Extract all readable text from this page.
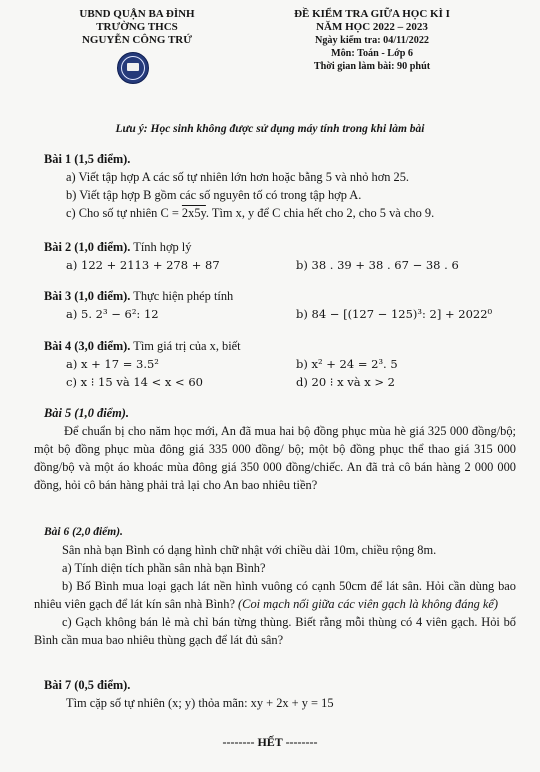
UBND QUẬN BA ĐÌNH
TRƯỜNG THCS
NGUYỄN CÔNG TRỨ
ĐỀ KIỂM TRA GIỮA HỌC KÌ I
NĂM HỌC 2022 – 2023
Ngày kiểm tra: 04/11/2022
Môn: Toán - Lớp 6
Thời gian làm bài: 90 phút
Lưu ý: Học sinh không được sử dụng máy tính trong khi làm bài
Bài 1 (1,5 điểm).
a) Viết tập hợp A các số tự nhiên lớn hơn hoặc bằng 5 và nhỏ hơn 25.
b) Viết tập hợp B gồm các số nguyên tố có trong tập hợp A.
c) Cho số tự nhiên C = 2x5y. Tìm x, y để C chia hết cho 2, cho 5 và cho 9.
Bài 2 (1,0 điểm). Tính hợp lý
a) 122 + 2113 + 278 + 87	b) 38 . 39 + 38 . 67 − 38 . 6
Bài 3 (1,0 điểm). Thực hiện phép tính
a) 5. 2³ − 6²: 12	b) 84 − [(127 − 125)³: 2] + 2022⁰
Bài 4 (3,0 điểm). Tìm giá trị của x, biết
a) x + 17 = 3.5²	b) x² + 24 = 2³. 5
c) x ⁝ 15 và 14 < x < 60	d) 20 ⁝ x và x > 2
Bài 5 (1,0 điểm).
Để chuẩn bị cho năm học mới, An đã mua hai bộ đồng phục mùa hè giá 325 000 đồng/bộ; một bộ đồng phục mùa đông giá 335 000 đồng/ bộ; một bộ đồng phục thể thao giá 315 000 đồng/bộ và một áo khoác mùa đông giá 350 000 đồng/chiếc. An đã trả cô bán hàng 2 000 000 đồng, hỏi cô bán hàng phải trả lại cho An bao nhiêu tiền?
Bài 6 (2,0 điểm).
Sân nhà bạn Bình có dạng hình chữ nhật với chiều dài 10m, chiều rộng 8m.
a) Tính diện tích phần sân nhà bạn Bình?
b) Bố Bình mua loại gạch lát nền hình vuông có cạnh 50cm để lát sân. Hỏi cần dùng bao nhiêu viên gạch để lát kín sân nhà Bình? (Coi mạch nối giữa các viên gạch là không đáng kể)
c) Gạch không bán lẻ mà chỉ bán từng thùng. Biết rằng mỗi thùng có 4 viên gạch. Hỏi bố Bình cần mua bao nhiêu thùng gạch để lát đủ sân?
Bài 7 (0,5 điểm).
Tìm cặp số tự nhiên (x; y) thỏa mãn: xy + 2x + y = 15
-------- HẾT --------
